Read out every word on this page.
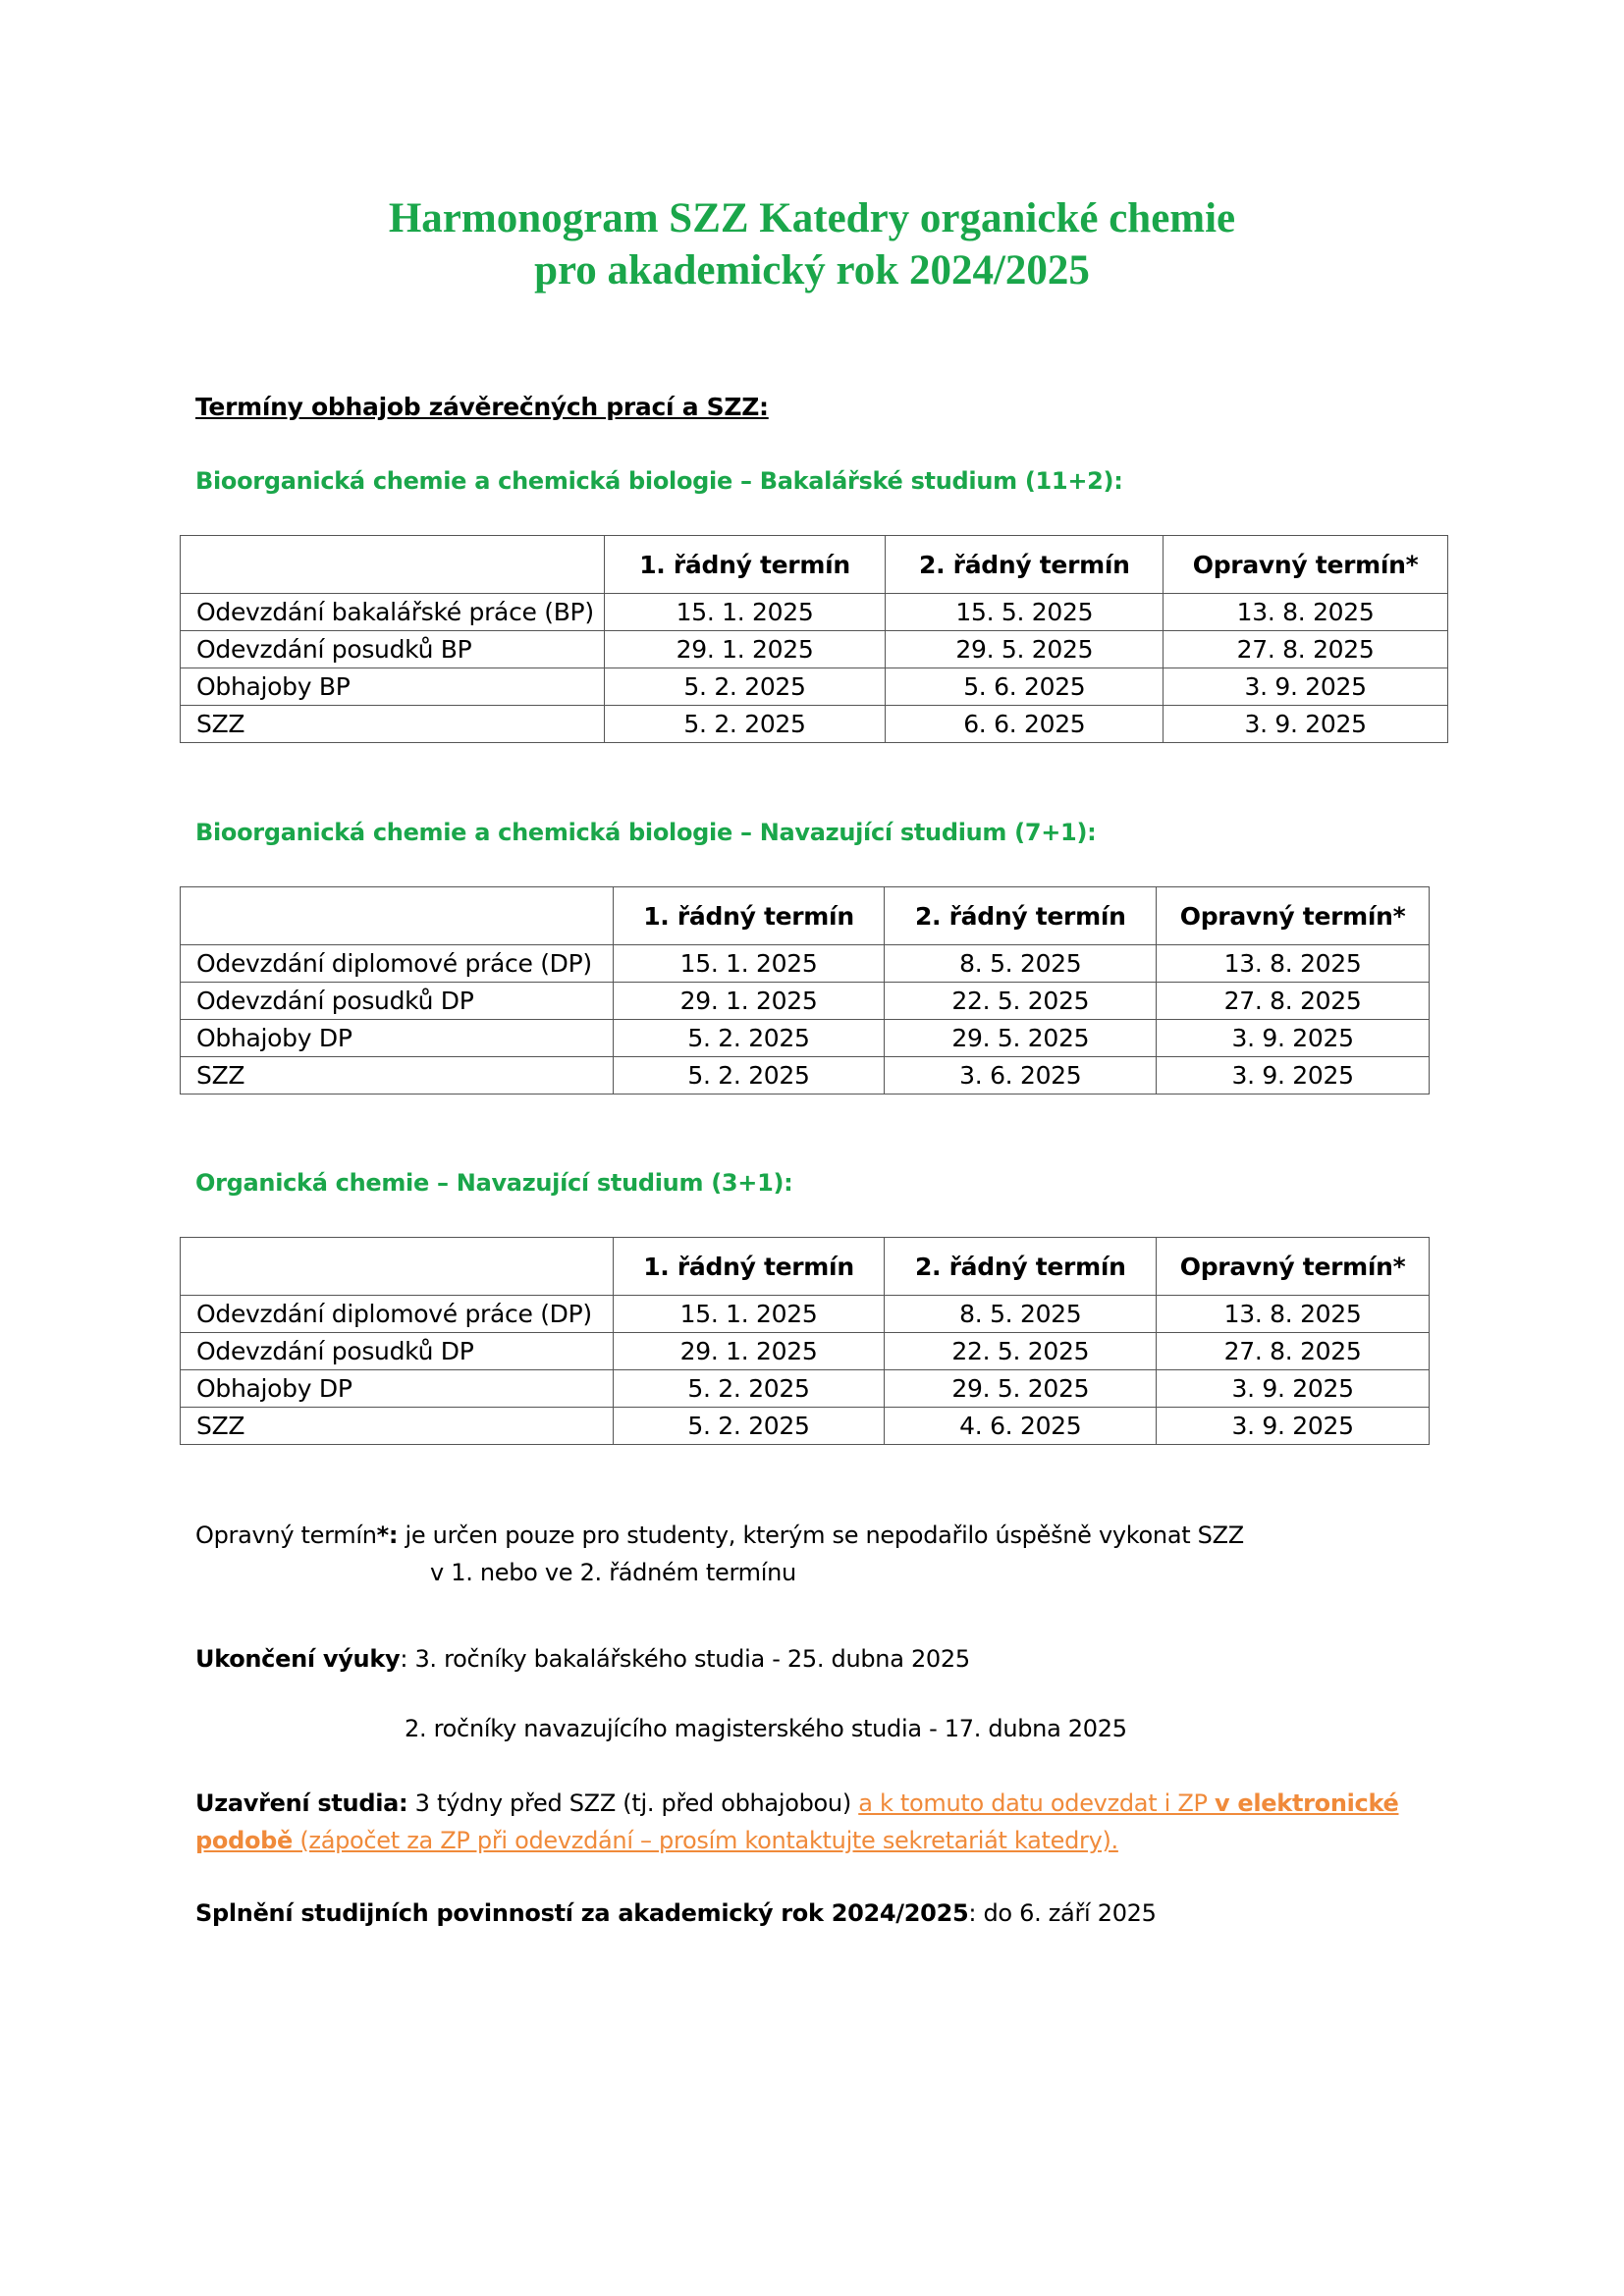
Harmonogram SZZ Katedry organické chemie
pro akademický rok 2024/2025
Termíny obhajob závěrečných prací a SZZ:
Bioorganická chemie a chemická biologie – Bakalářské studium (11+2):
	1. řádný termín	2. řádný termín	Opravný termín*
Odevzdání bakalářské práce (BP)	15. 1. 2025	15. 5. 2025	13. 8. 2025
Odevzdání posudků BP	29. 1. 2025	29. 5. 2025	27. 8. 2025
Obhajoby BP	5. 2. 2025	5. 6. 2025	3. 9. 2025
SZZ	5. 2. 2025	6. 6. 2025	3. 9. 2025
Bioorganická chemie a chemická biologie – Navazující studium (7+1):
	1. řádný termín	2. řádný termín	Opravný termín*
Odevzdání diplomové práce (DP)	15. 1. 2025	8. 5. 2025	13. 8. 2025
Odevzdání posudků DP	29. 1. 2025	22. 5. 2025	27. 8. 2025
Obhajoby DP	5. 2. 2025	29. 5. 2025	3. 9. 2025
SZZ	5. 2. 2025	3. 6. 2025	3. 9. 2025
Organická chemie – Navazující studium (3+1):
	1. řádný termín	2. řádný termín	Opravný termín*
Odevzdání diplomové práce (DP)	15. 1. 2025	8. 5. 2025	13. 8. 2025
Odevzdání posudků DP	29. 1. 2025	22. 5. 2025	27. 8. 2025
Obhajoby DP	5. 2. 2025	29. 5. 2025	3. 9. 2025
SZZ	5. 2. 2025	4. 6. 2025	3. 9. 2025
Opravný termín*: je určen pouze pro studenty, kterým se nepodařilo úspěšně vykonat SZZ
v 1. nebo ve 2. řádném termínu
Ukončení výuky: 3. ročníky bakalářského studia - 25. dubna 2025
2. ročníky navazujícího magisterského studia - 17. dubna 2025
Uzavření studia: 3 týdny před SZZ (tj. před obhajobou) a k tomuto datu odevzdat i ZP v elektronické
podobě (zápočet za ZP při odevzdání – prosím kontaktujte sekretariát katedry).
Splnění studijních povinností za akademický rok 2024/2025: do 6. září 2025
